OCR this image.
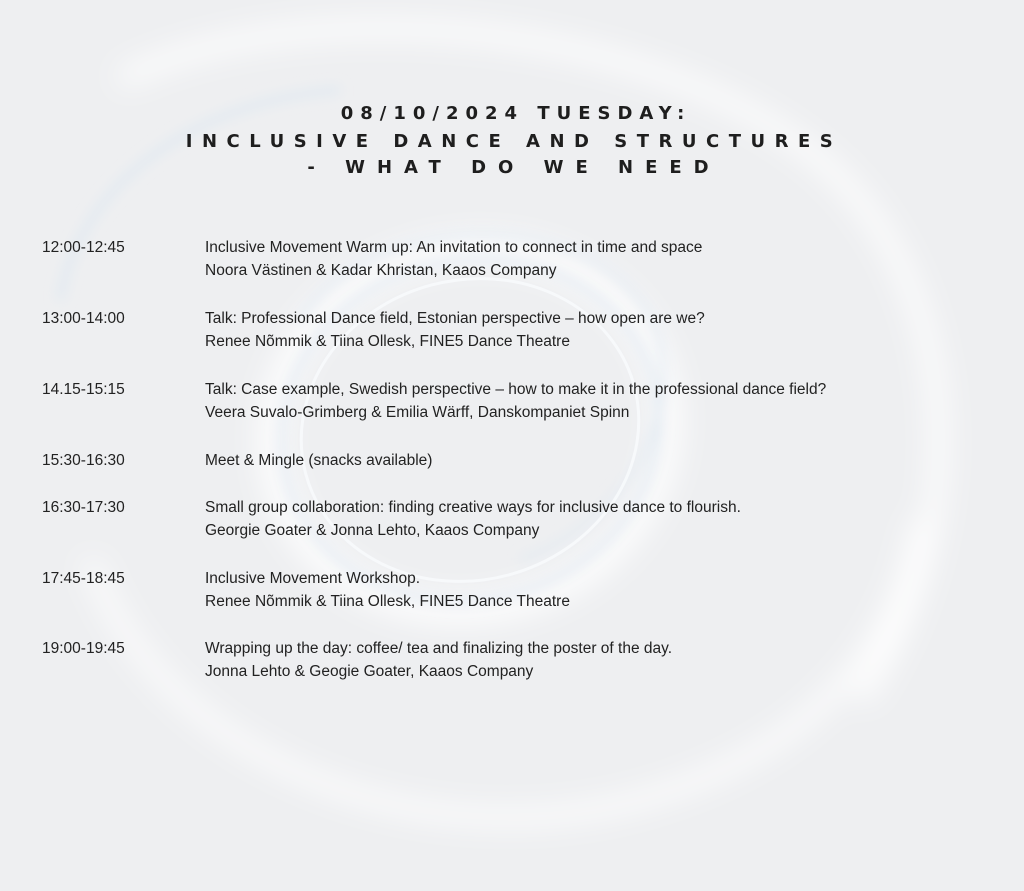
08/10/2024 TUESDAY:
INCLUSIVE DANCE AND STRUCTURES
- WHAT DO WE NEED
12:00-12:45	Inclusive Movement Warm up: An invitation to connect in time and space
Noora Västinen & Kadar Khristan, Kaaos Company
13:00-14:00	Talk: Professional Dance field, Estonian perspective – how open are we?
Renee Nõmmik & Tiina Ollesk, FINE5 Dance Theatre
14.15-15:15	Talk: Case example, Swedish perspective – how to make it in the professional dance field?
Veera Suvalo-Grimberg & Emilia Wärff, Danskompaniet Spinn
15:30-16:30	Meet & Mingle (snacks available)
16:30-17:30	Small group collaboration: finding creative ways for inclusive dance to flourish.
Georgie Goater & Jonna Lehto, Kaaos Company
17:45-18:45	Inclusive Movement Workshop.
Renee Nõmmik & Tiina Ollesk, FINE5 Dance Theatre
19:00-19:45	Wrapping up the day: coffee/ tea and finalizing the poster of the day.
Jonna Lehto & Geogie Goater, Kaaos Company
